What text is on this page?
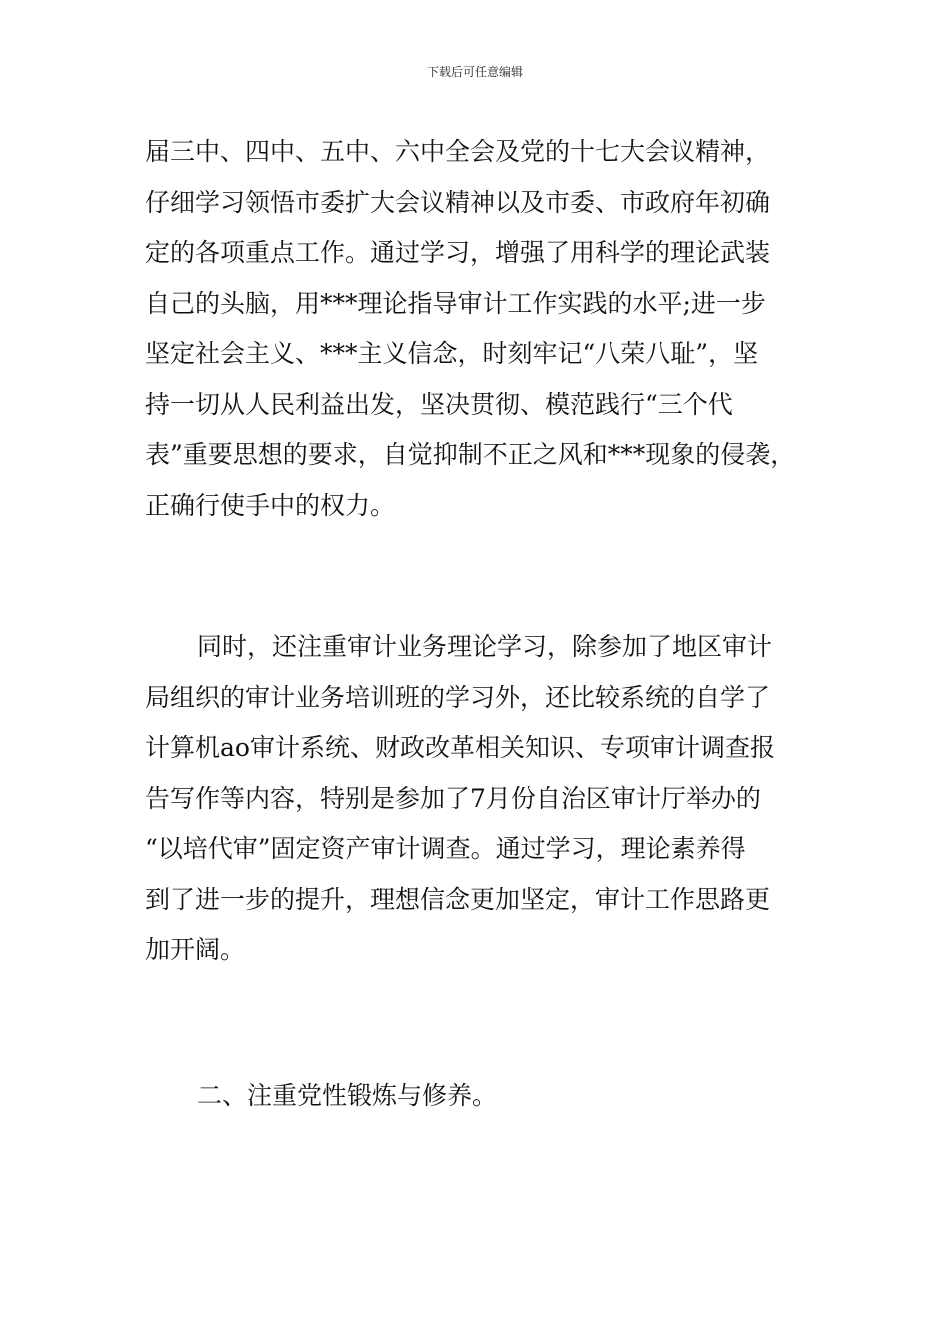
下载后可任意编辑
届三中、四中、五中、六中全会及党的十七大会议精神，
仔细学习领悟市委扩大会议精神以及市委、市政府年初确
定的各项重点工作。通过学习，增强了用科学的理论武装
自己的头脑，用***理论指导审计工作实践的水平;进一步
坚定社会主义、***主义信念，时刻牢记“八荣八耻”，坚
持一切从人民利益出发，坚决贯彻、模范践行“三个代
表”重要思想的要求，自觉抑制不正之风和***现象的侵袭，
正确行使手中的权力。
同时，还注重审计业务理论学习，除参加了地区审计
局组织的审计业务培训班的学习外，还比较系统的自学了
计算机ao审计系统、财政改革相关知识、专项审计调查报
告写作等内容，特别是参加了7月份自治区审计厅举办的
“以培代审”固定资产审计调查。通过学习，理论素养得
到了进一步的提升，理想信念更加坚定，审计工作思路更
加开阔。
二、注重党性锻炼与修养。
